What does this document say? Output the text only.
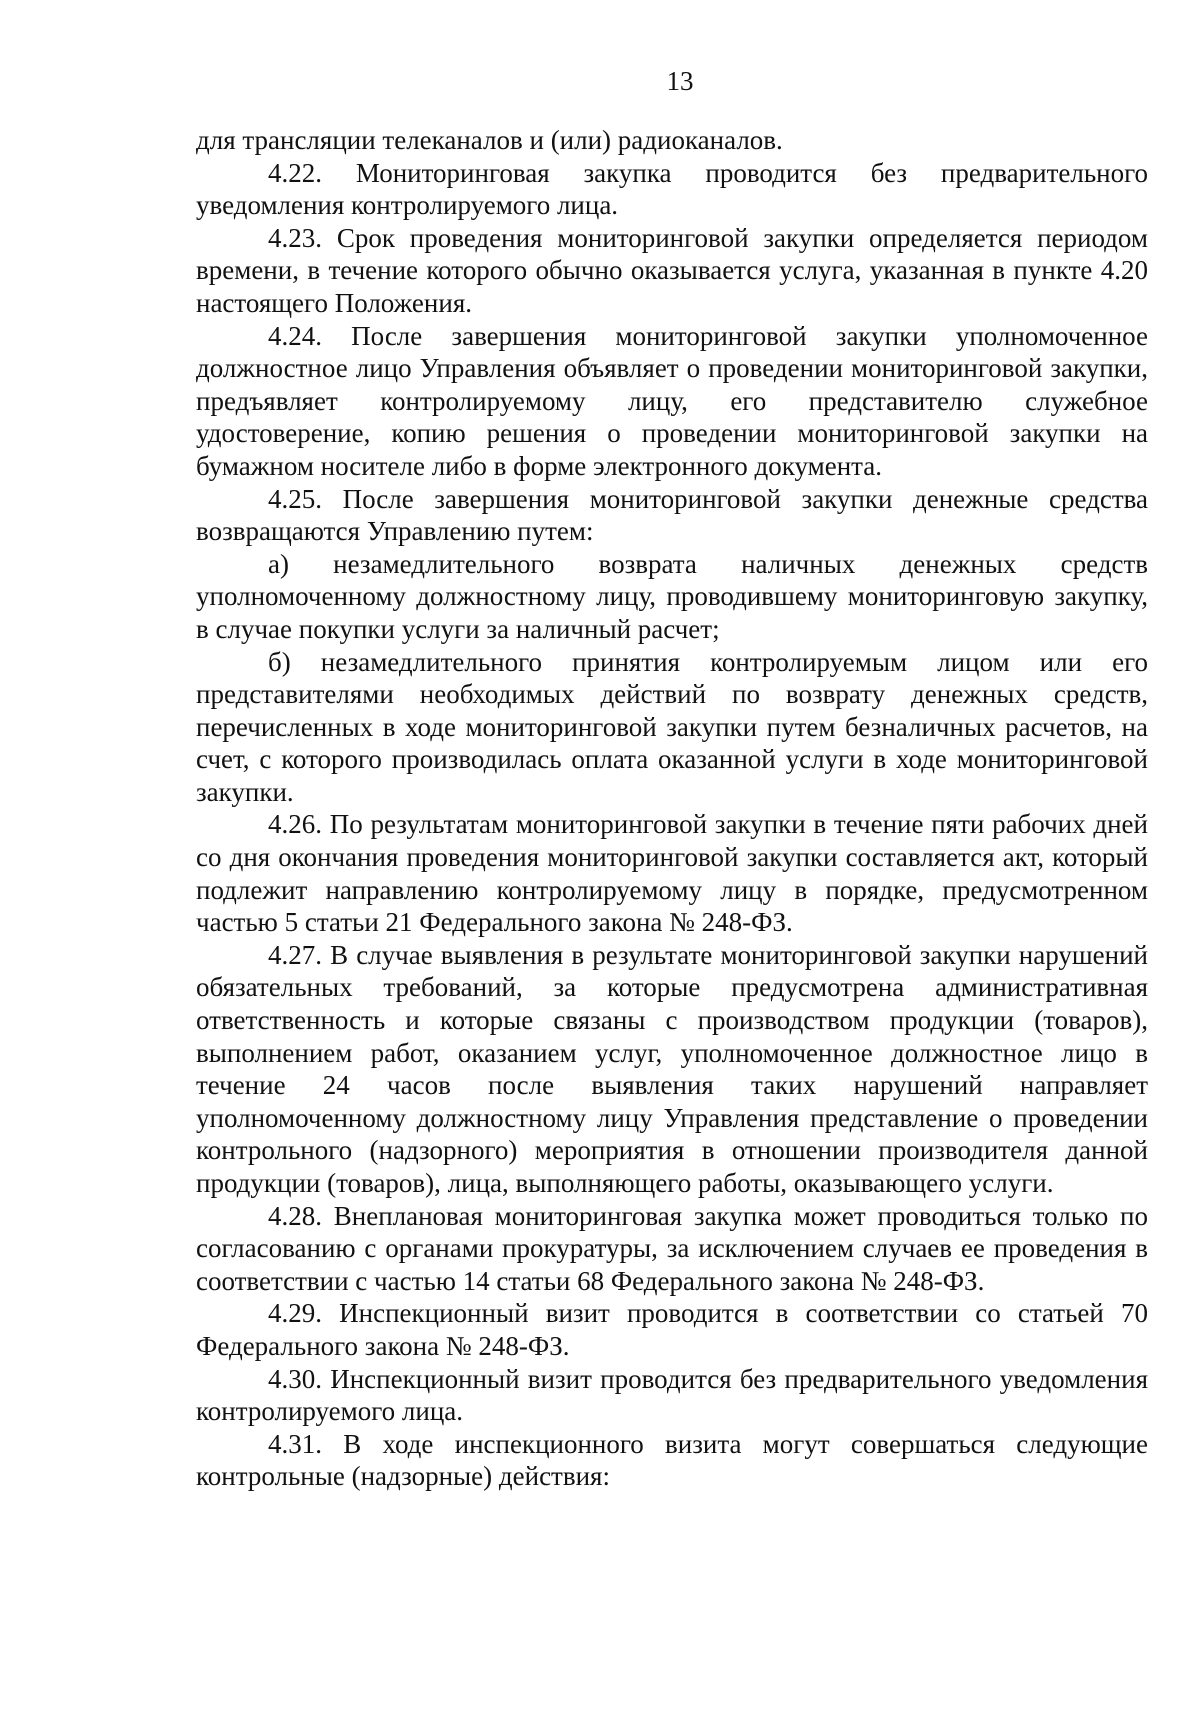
13

для трансляции телеканалов и (или) радиоканалов.

4.22. Мониторинговая закупка проводится без предварительного уведомления контролируемого лица.

4.23. Срок проведения мониторинговой закупки определяется периодом времени, в течение которого обычно оказывается услуга, указанная в пункте 4.20 настоящего Положения.

4.24. После завершения мониторинговой закупки уполномоченное должностное лицо Управления объявляет о проведении мониторинговой закупки, предъявляет контролируемому лицу, его представителю служебное удостоверение, копию решения о проведении мониторинговой закупки на бумажном носителе либо в форме электронного документа.

4.25. После завершения мониторинговой закупки денежные средства возвращаются Управлению путем:

а) незамедлительного возврата наличных денежных средств уполномоченному должностному лицу, проводившему мониторинговую закупку, в случае покупки услуги за наличный расчет;

б) незамедлительного принятия контролируемым лицом или его представителями необходимых действий по возврату денежных средств, перечисленных в ходе мониторинговой закупки путем безналичных расчетов, на счет, с которого производилась оплата оказанной услуги в ходе мониторинговой закупки.

4.26. По результатам мониторинговой закупки в течение пяти рабочих дней со дня окончания проведения мониторинговой закупки составляется акт, который подлежит направлению контролируемому лицу в порядке, предусмотренном частью 5 статьи 21 Федерального закона № 248-ФЗ.

4.27. В случае выявления в результате мониторинговой закупки нарушений обязательных требований, за которые предусмотрена административная ответственность и которые связаны с производством продукции (товаров), выполнением работ, оказанием услуг, уполномоченное должностное лицо в течение 24 часов после выявления таких нарушений направляет уполномоченному должностному лицу Управления представление о проведении контрольного (надзорного) мероприятия в отношении производителя данной продукции (товаров), лица, выполняющего работы, оказывающего услуги.

4.28. Внеплановая мониторинговая закупка может проводиться только по согласованию с органами прокуратуры, за исключением случаев ее проведения в соответствии с частью 14 статьи 68 Федерального закона № 248-ФЗ.

4.29. Инспекционный визит проводится в соответствии со статьей 70 Федерального закона № 248-ФЗ.

4.30. Инспекционный визит проводится без предварительного уведомления контролируемого лица.

4.31. В ходе инспекционного визита могут совершаться следующие контрольные (надзорные) действия:
